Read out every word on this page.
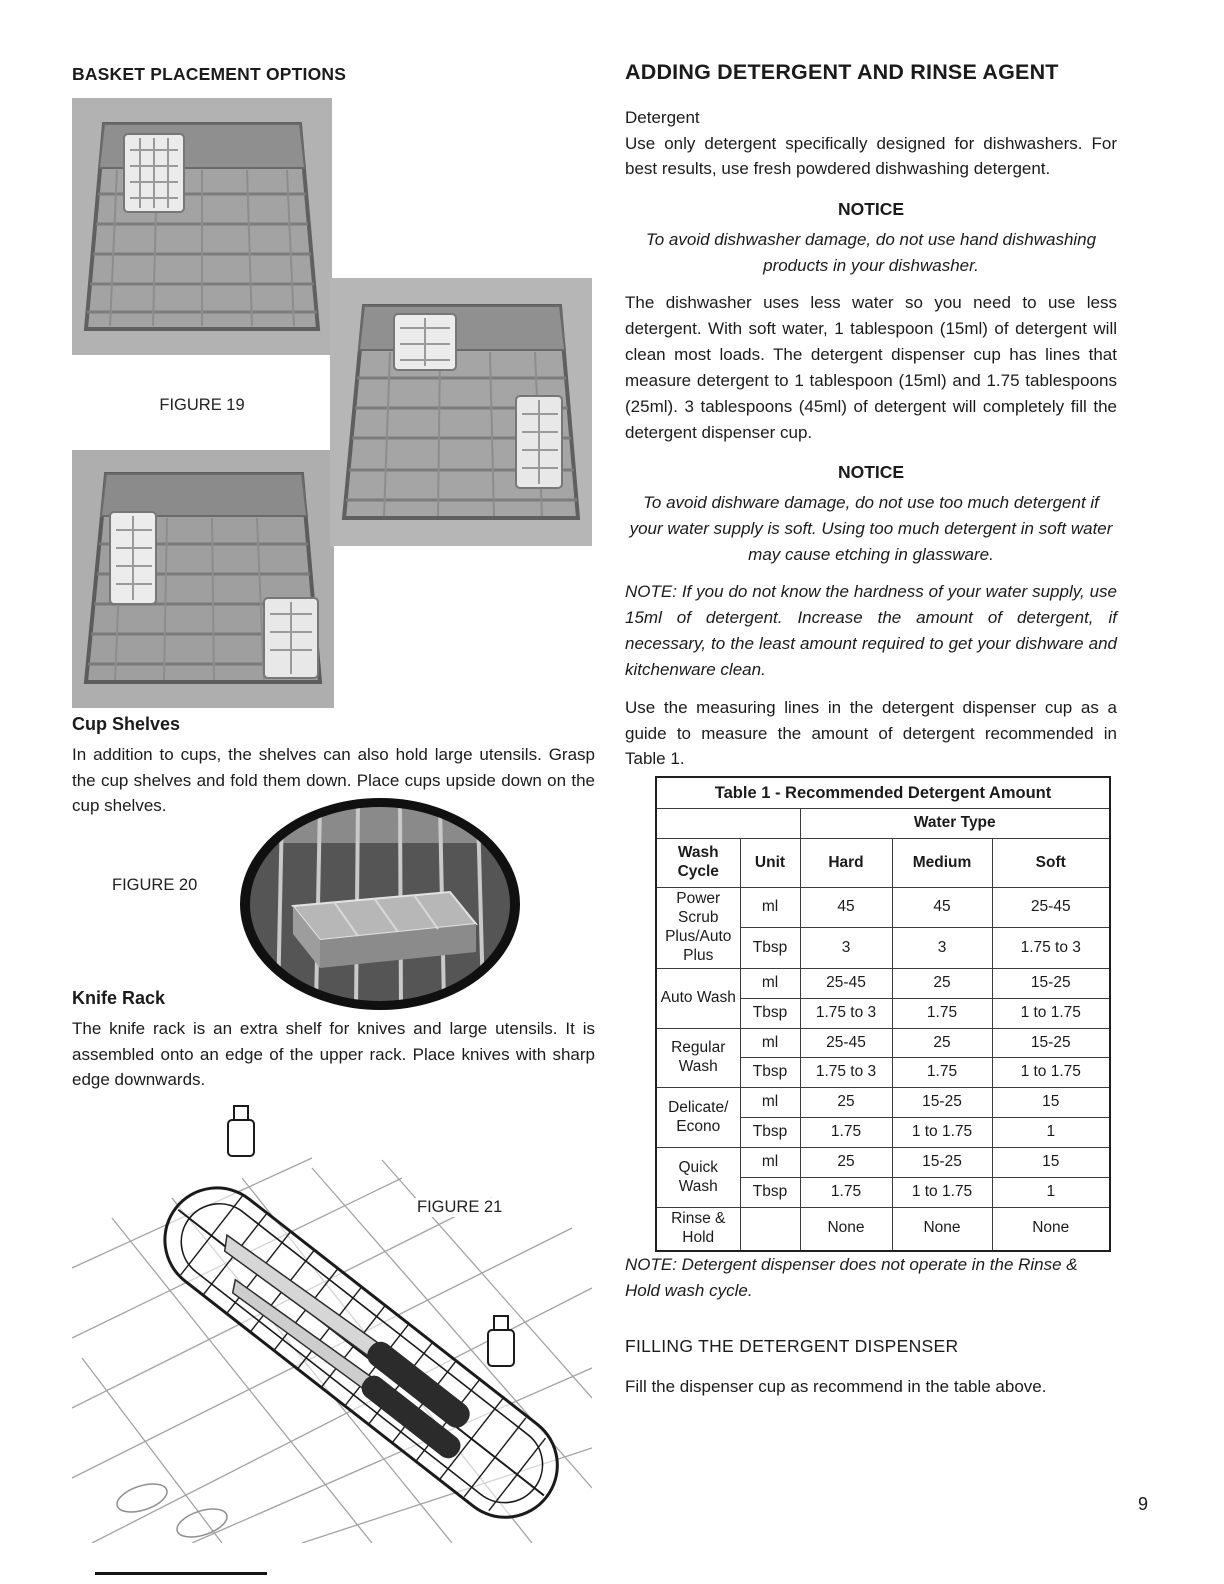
BASKET PLACEMENT OPTIONS
FIGURE 19
Cup Shelves
In addition to cups, the shelves can also hold large utensils. Grasp the cup shelves and fold them down. Place cups upside down on the cup shelves.
FIGURE 20
Knife Rack
The knife rack is an extra shelf for knives and large utensils. It is assembled onto an edge of the upper rack. Place knives with sharp edge downwards.
FIGURE 21
ADDING DETERGENT AND RINSE AGENT
Detergent

Use only detergent specifically designed for dishwashers. For best results, use fresh powdered dishwashing detergent.

NOTICE

To avoid dishwasher damage, do not use hand dishwashing products in your dishwasher.

The dishwasher uses less water so you need to use less detergent. With soft water, 1 tablespoon (15ml) of detergent will clean most loads. The detergent dispenser cup has lines that measure detergent to 1 tablespoon (15ml) and 1.75 tablespoons (25ml). 3 tablespoons (45ml) of detergent will completely fill the detergent dispenser cup.

NOTICE

To avoid dishware damage, do not use too much detergent if your water supply is soft. Using too much detergent in soft water may cause etching in glassware.

NOTE: If you do not know the hardness of your water supply, use 15ml of detergent. Increase the amount of detergent, if necessary, to the least amount required to get your dishware and kitchenware clean.

Use the measuring lines in the detergent dispenser cup as a guide to measure the amount of detergent recommended in Table 1.

Table 1 - Recommended Detergent Amount				
		Water Type		
Wash Cycle	Unit	Hard	Medium	Soft
Power Scrub Plus/Auto Plus	ml	45	45	25-45
	Tbsp	3	3	1.75 to 3
Auto Wash	ml	25-45	25	15-25
	Tbsp	1.75 to 3	1.75	1 to 1.75
Regular Wash	ml	25-45	25	15-25
	Tbsp	1.75 to 3	1.75	1 to 1.75
Delicate/ Econo	ml	25	15-25	15
	Tbsp	1.75	1 to 1.75	1
Quick Wash	ml	25	15-25	15
	Tbsp	1.75	1 to 1.75	1
Rinse & Hold		None	None	None

NOTE: Detergent dispenser does not operate in the Rinse & Hold wash cycle.

FILLING THE DETERGENT DISPENSER

Fill the dispenser cup as recommend in the table above.

9
